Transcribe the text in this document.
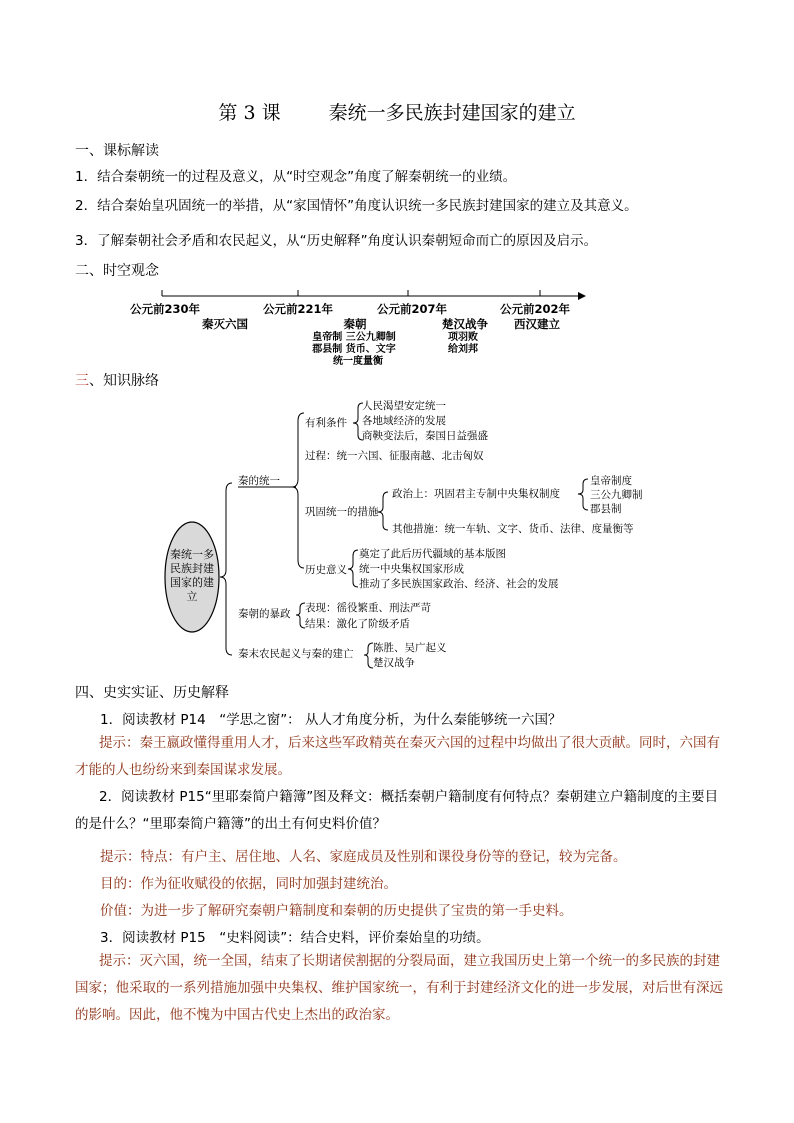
第 3 课	秦统一多民族封建国家的建立
一、课标解读
1．结合秦朝统一的过程及意义，从“时空观念”角度了解秦朝统一的业绩。
2．结合秦始皇巩固统一的举措，从“家国情怀”角度认识统一多民族封建国家的建立及其意义。
3．了解秦朝社会矛盾和农民起义，从“历史解释”角度认识秦朝短命而亡的原因及启示。
二、时空观念
公元前230年	公元前221年	公元前207年	公元前202年
秦灭六国	秦朝	楚汉战争 西汉建立
皇帝制 三公九卿制
郡县制 货币、文字
统一度量衡
项羽败
给刘邦
三、知识脉络
秦统一多
民族封建
国家的建
立
秦的统一
秦朝的暴政
秦末农民起义与秦的建亡
有利条件
过程：统一六国、征服南越、北击匈奴
巩固统一的措施
历史意义
人民渴望安定统一
各地域经济的发展
商鞅变法后，秦国日益强盛
政治上：巩固君主专制中央集权制度
其他措施：统一车轨、文字、货币、法律、度量衡等
皇帝制度
三公九卿制
郡县制
奠定了此后历代疆域的基本版图
统一中央集权国家形成
推动了多民族国家政治、经济、社会的发展
表现：徭役繁重、刑法严苛
结果：激化了阶级矛盾
陈胜、吴广起义
楚汉战争
四、史实实证、历史解释
1．阅读教材 P14　“学思之窗”： 从人才角度分析，为什么秦能够统一六国？
提示：秦王嬴政懂得重用人才，后来这些军政精英在秦灭六国的过程中均做出了很大贡献。同时，六国有才能的人也纷纷来到秦国谋求发展。
2．阅读教材 P15“里耶秦简户籍簿”图及释文：概括秦朝户籍制度有何特点？秦朝建立户籍制度的主要目的是什么？“里耶秦简户籍簿”的出土有何史料价值？
提示：特点：有户主、居住地、人名、家庭成员及性别和课役身份等的登记，较为完备。
目的：作为征收赋役的依据，同时加强封建统治。
价值：为进一步了解研究秦朝户籍制度和秦朝的历史提供了宝贵的第一手史料。
3．阅读教材 P15　“史料阅读”：结合史料，评价秦始皇的功绩。
提示：灭六国，统一全国，结束了长期诸侯割据的分裂局面，建立我国历史上第一个统一的多民族的封建国家；他采取的一系列措施加强中央集权、维护国家统一，有利于封建经济文化的进一步发展，对后世有深远的影响。因此，他不愧为中国古代史上杰出的政治家。
